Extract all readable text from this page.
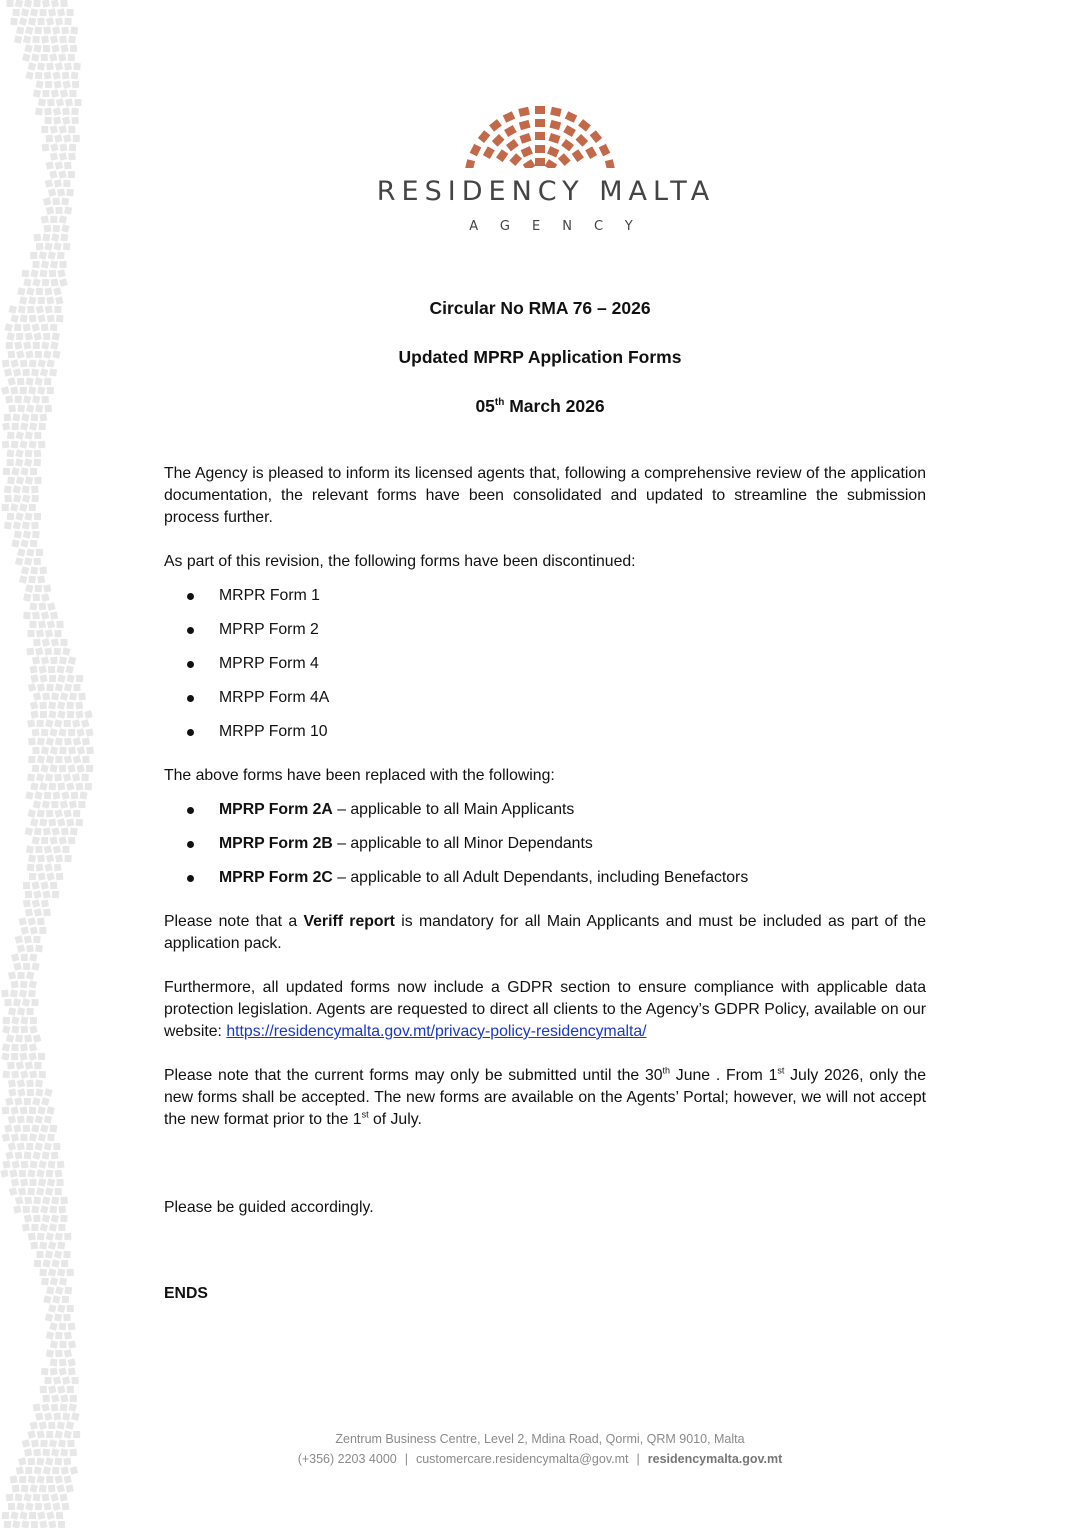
RESIDENCY MALTA
AGENCY
Circular No RMA 76 – 2026
Updated MPRP Application Forms
05th March 2026

The Agency is pleased to inform its licensed agents that, following a comprehensive review of the application documentation, the relevant forms have been consolidated and updated to streamline the submission process further.

As part of this revision, the following forms have been discontinued:

MRPR Form 1
MPRP Form 2
MPRP Form 4
MRPP Form 4A
MRPP Form 10

The above forms have been replaced with the following:

MPRP Form 2A – applicable to all Main Applicants
MPRP Form 2B – applicable to all Minor Dependants
MPRP Form 2C – applicable to all Adult Dependants, including Benefactors

Please note that a Veriff report is mandatory for all Main Applicants and must be included as part of the application pack.

Furthermore, all updated forms now include a GDPR section to ensure compliance with applicable data protection legislation. Agents are requested to direct all clients to the Agency’s GDPR Policy, available on our website: https://residencymalta.gov.mt/privacy-policy-residencymalta/

Please note that the current forms may only be submitted until the 30th June . From 1st July 2026, only the new forms shall be accepted. The new forms are available on the Agents’ Portal; however, we will not accept the new format prior to the 1st of July.

Please be guided accordingly.

ENDS
Zentrum Business Centre, Level 2, Mdina Road, Qormi, QRM 9010, Malta
(+356) 2203 4000 | customercare.residencymalta@gov.mt | residencymalta.gov.mt
